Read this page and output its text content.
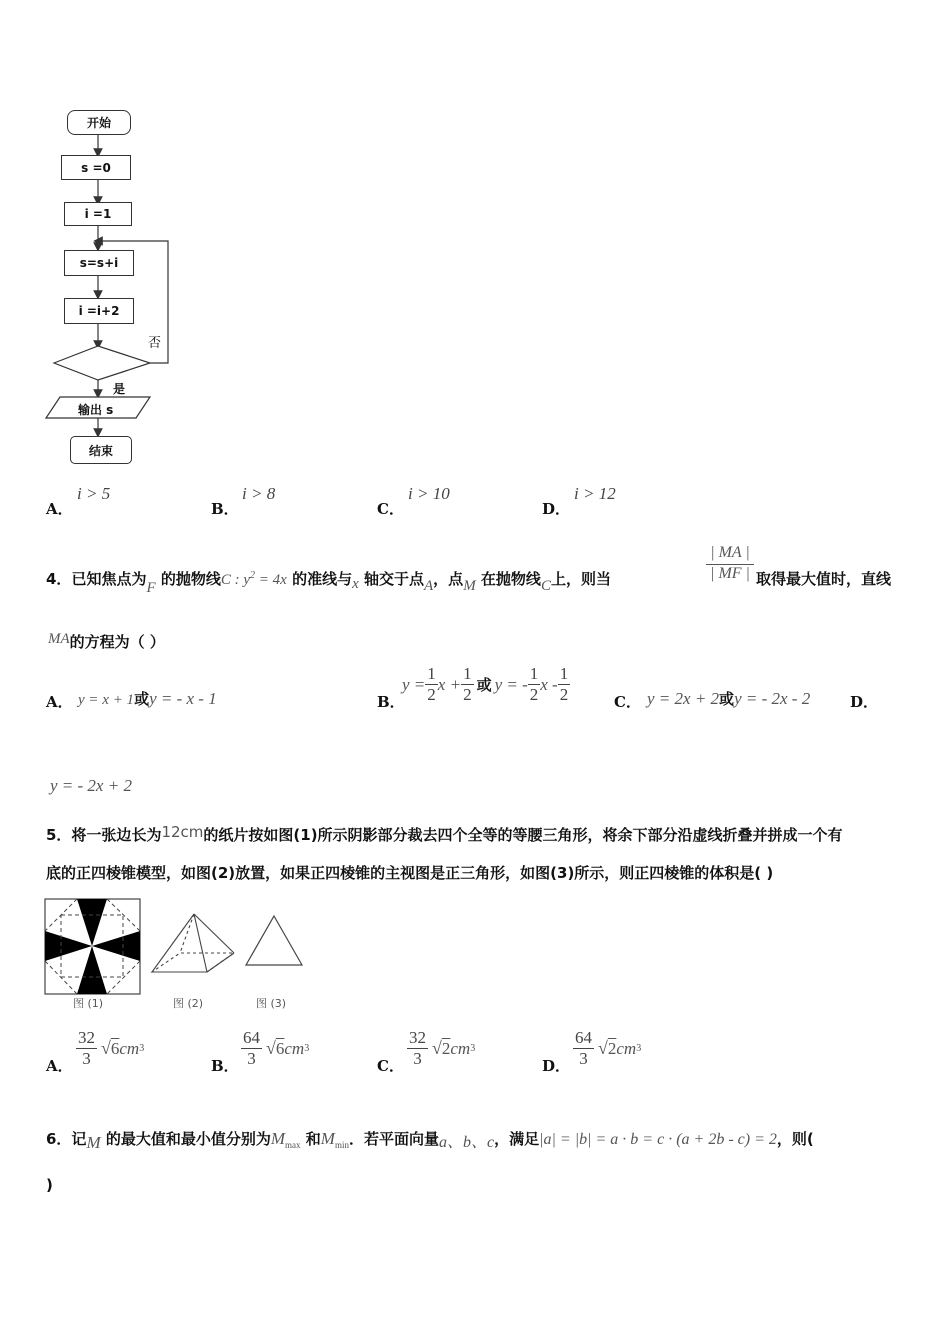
开始
s =0
i =1
s=s+i
i =i+2
否
是
输出 s
结束
A．
i > 5
B．
i > 8
C．
i > 10
D．
i > 12
4．已知焦点为F 的抛物线C : $y^2 = 4x$ 的准线与x 轴交于点A，点M 在抛物线C上，则当	$\frac{| MA |}{| MF |}$ 取得最大值时，直线
MA的方程为（ ）
A． y = x + 1或y = - x - 1	B．
$y = \frac{1}{2}$ $x + \frac{1}{2}$ 或 y = - $\frac{1}{2}$ x - $\frac{1}{2}$	C． y = 2x + 2或y = - 2x - 2	D．
y = - 2x + 2
5．将一张边长为12cm的纸片按如图(1)所示阴影部分裁去四个全等的等腰三角形，将余下部分沿虚线折叠并拼成一个有
底的正四棱锥模型，如图(2)放置，如果正四棱锥的主视图是正三角形，如图(3)所示，则正四棱锥的体积是( )
图 (1)	图 (2)	图 (3)
A． $\frac{32}{3}$ √ 6 cm 3
B． $\frac{64}{3}$ √ 6 cm 3
C． $\frac{32}{3}$ √ 2 cm 3
D． $\frac{64}{3}$ √ 2 cm 3
6．记M 的最大值和最小值分别为$M_{max}$ 和$M_{min}$．若平面向量a、b、c，满足|a| = |b| = a · b = c · (a + 2b - c) = 2，则(
)
